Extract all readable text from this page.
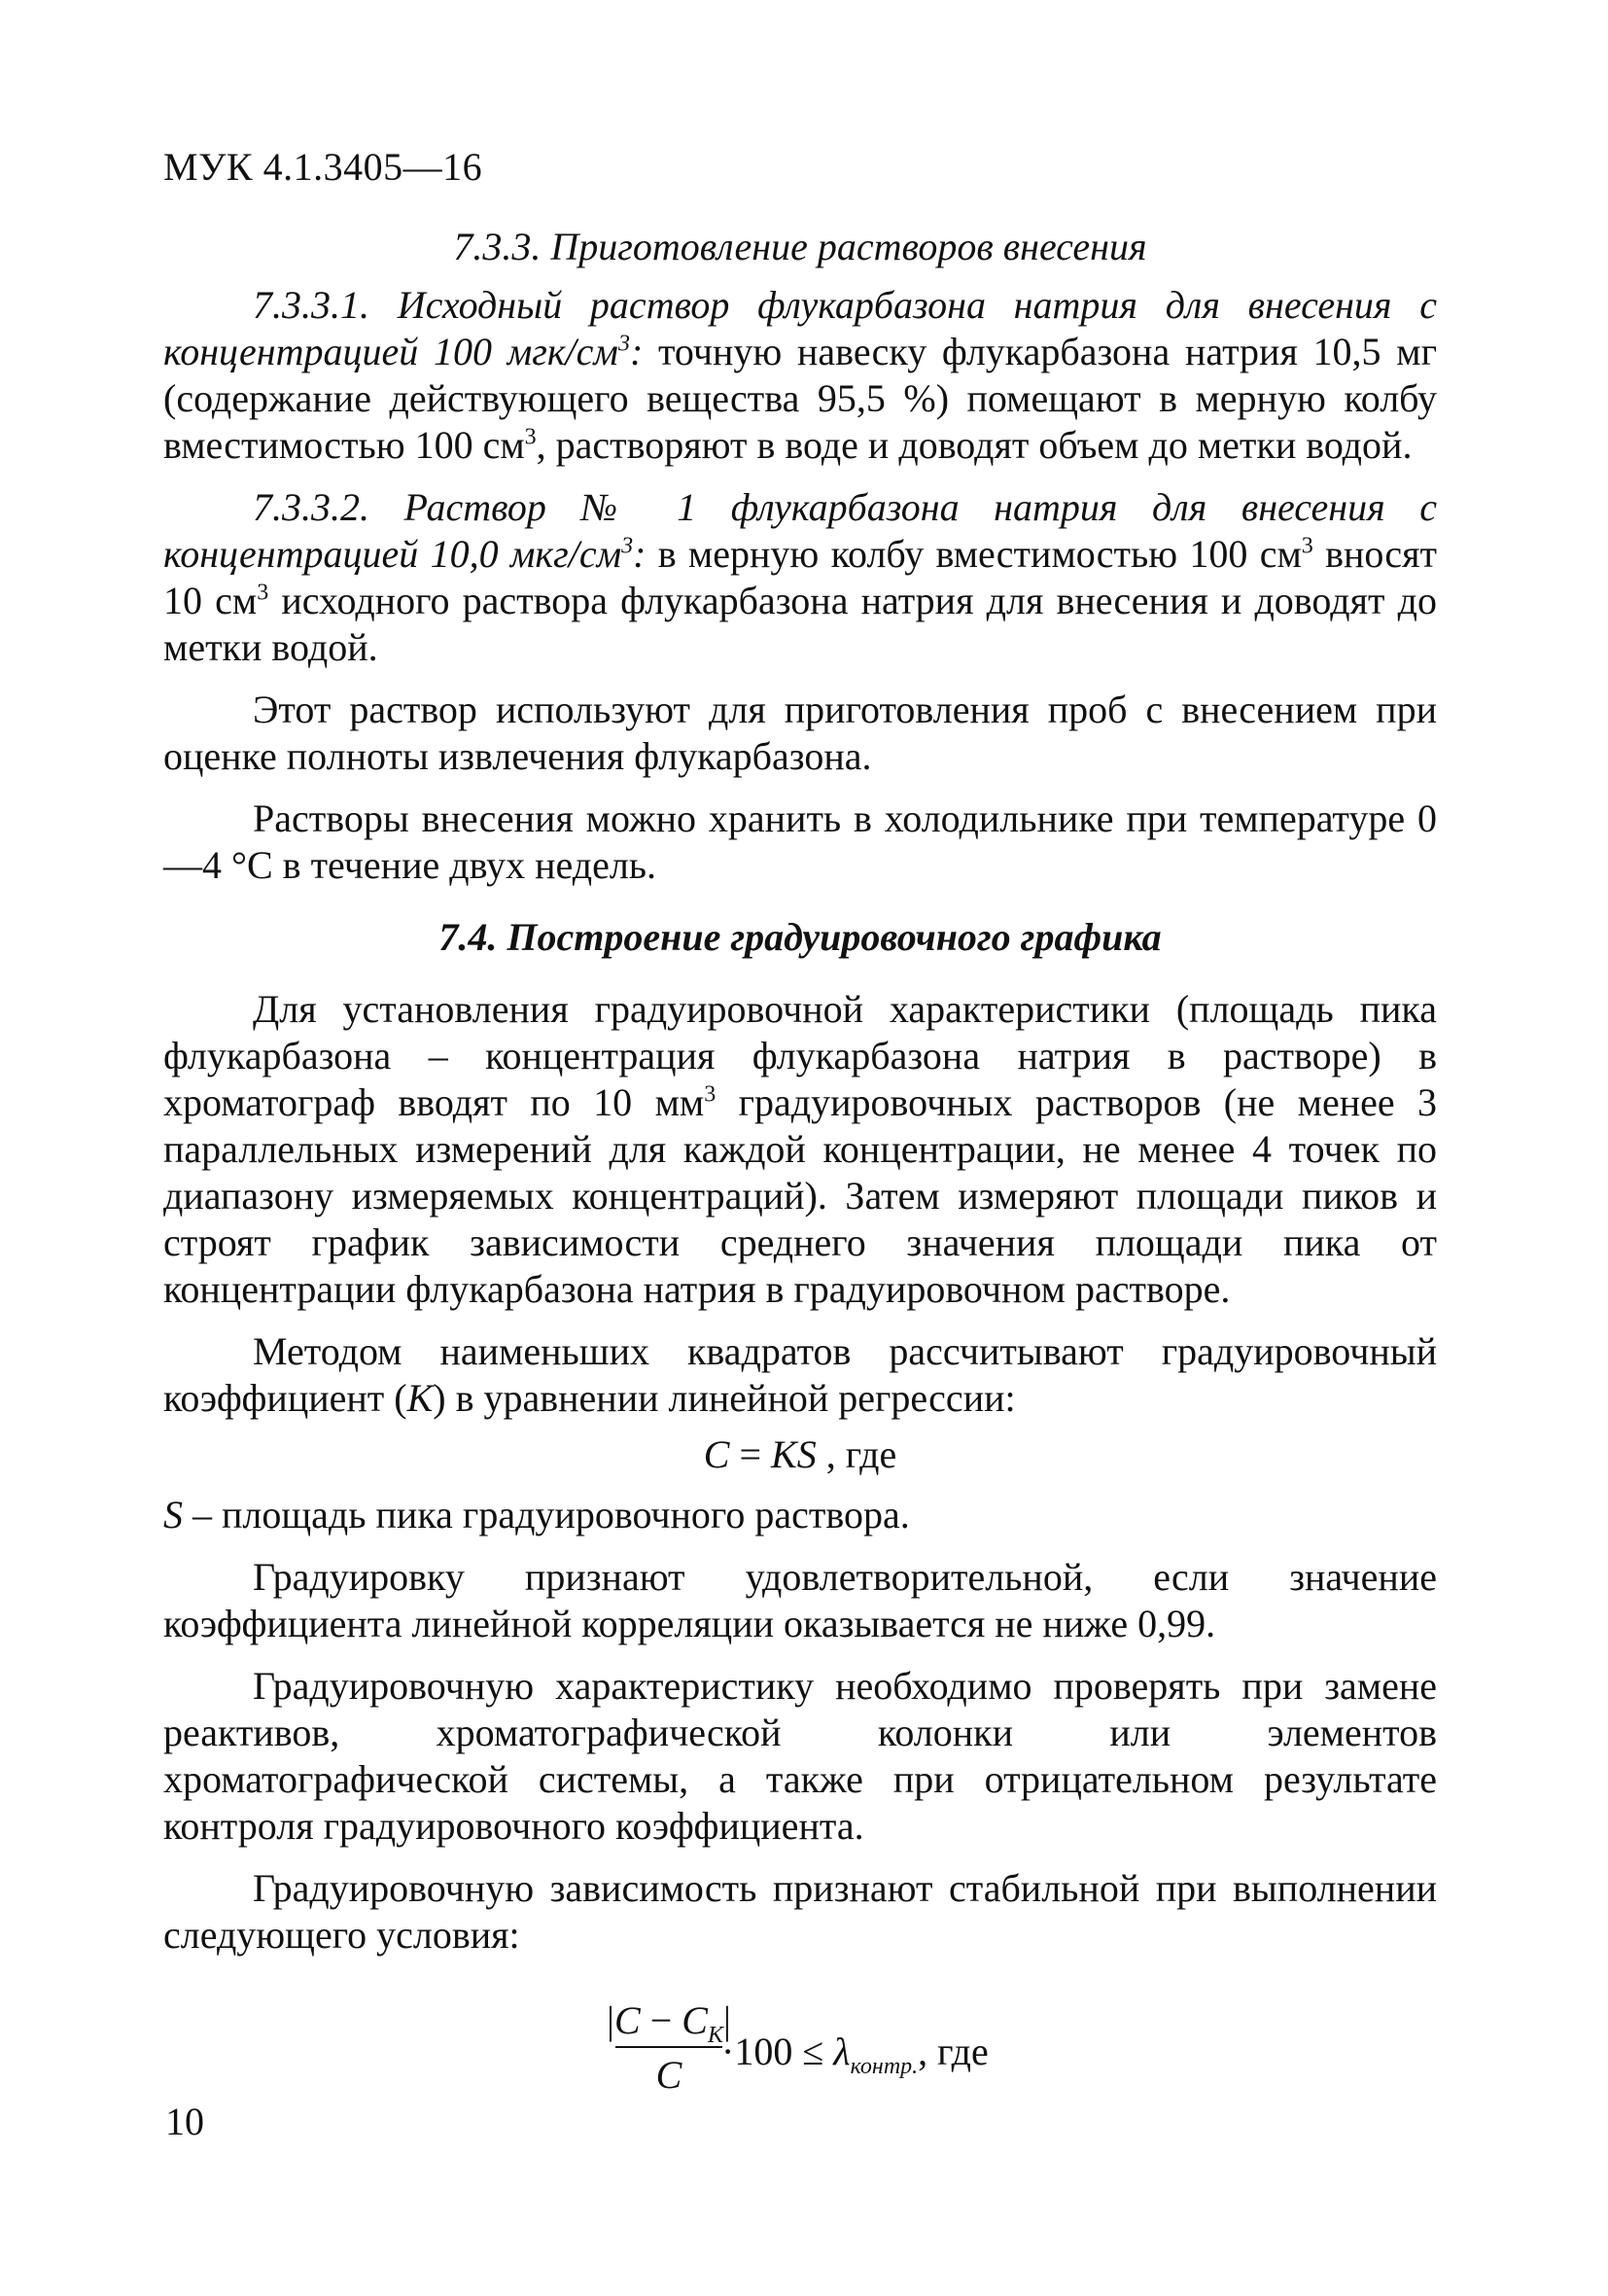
МУК 4.1.3405—16

7.3.3. Приготовление растворов внесения

7.3.3.1. Исходный раствор флукарбазона натрия для внесения с концентрацией 100 мгк/$см^3$: точную навеску флукарбазона натрия 10,5 мг (содержание действующего вещества 95,5 %) помещают в мерную колбу вместимостью 100 $см^3$, растворяют в воде и доводят объем до метки водой.

7.3.3.2. Раствор № 1 флукарбазона натрия для внесения с концентрацией 10,0 мкг/$см^3$: в мерную колбу вместимостью 100 $см^3$ вносят 10 $см^3$ исходного раствора флукарбазона натрия для внесения и доводят до метки водой.

Этот раствор используют для приготовления проб с внесением при оценке полноты извлечения флукарбазона.

Растворы внесения можно хранить в холодильнике при температуре 0—4 °С в течение двух недель.

7.4. Построение градуировочного графика

Для установления градуировочной характеристики (площадь пика флукарбазона – концентрация флукарбазона натрия в растворе) в хроматограф вводят по 10 $мм^3$ градуировочных растворов (не менее 3 параллельных измерений для каждой концентрации, не менее 4 точек по диапазону измеряемых концентраций). Затем измеряют площади пиков и строят график зависимости среднего значения площади пика от концентрации флукарбазона натрия в градуировочном растворе.

Методом наименьших квадратов рассчитывают градуировочный коэффициент (K) в уравнении линейной регрессии:

C = KS , где

S – площадь пика градуировочного раствора.

Градуировку признают удовлетворительной, если значение коэффициента линейной корреляции оказывается не ниже 0,99.

Градуировочную характеристику необходимо проверять при замене реактивов, хроматографической колонки или элементов хроматографической системы, а также при отрицательном результате контроля градуировочного коэффициента.

Градуировочную зависимость признают стабильной при выполнении следующего условия:

$|C - C_К|$
C
$\cdot 100 \le \lambda_{контр.}$, где
10
